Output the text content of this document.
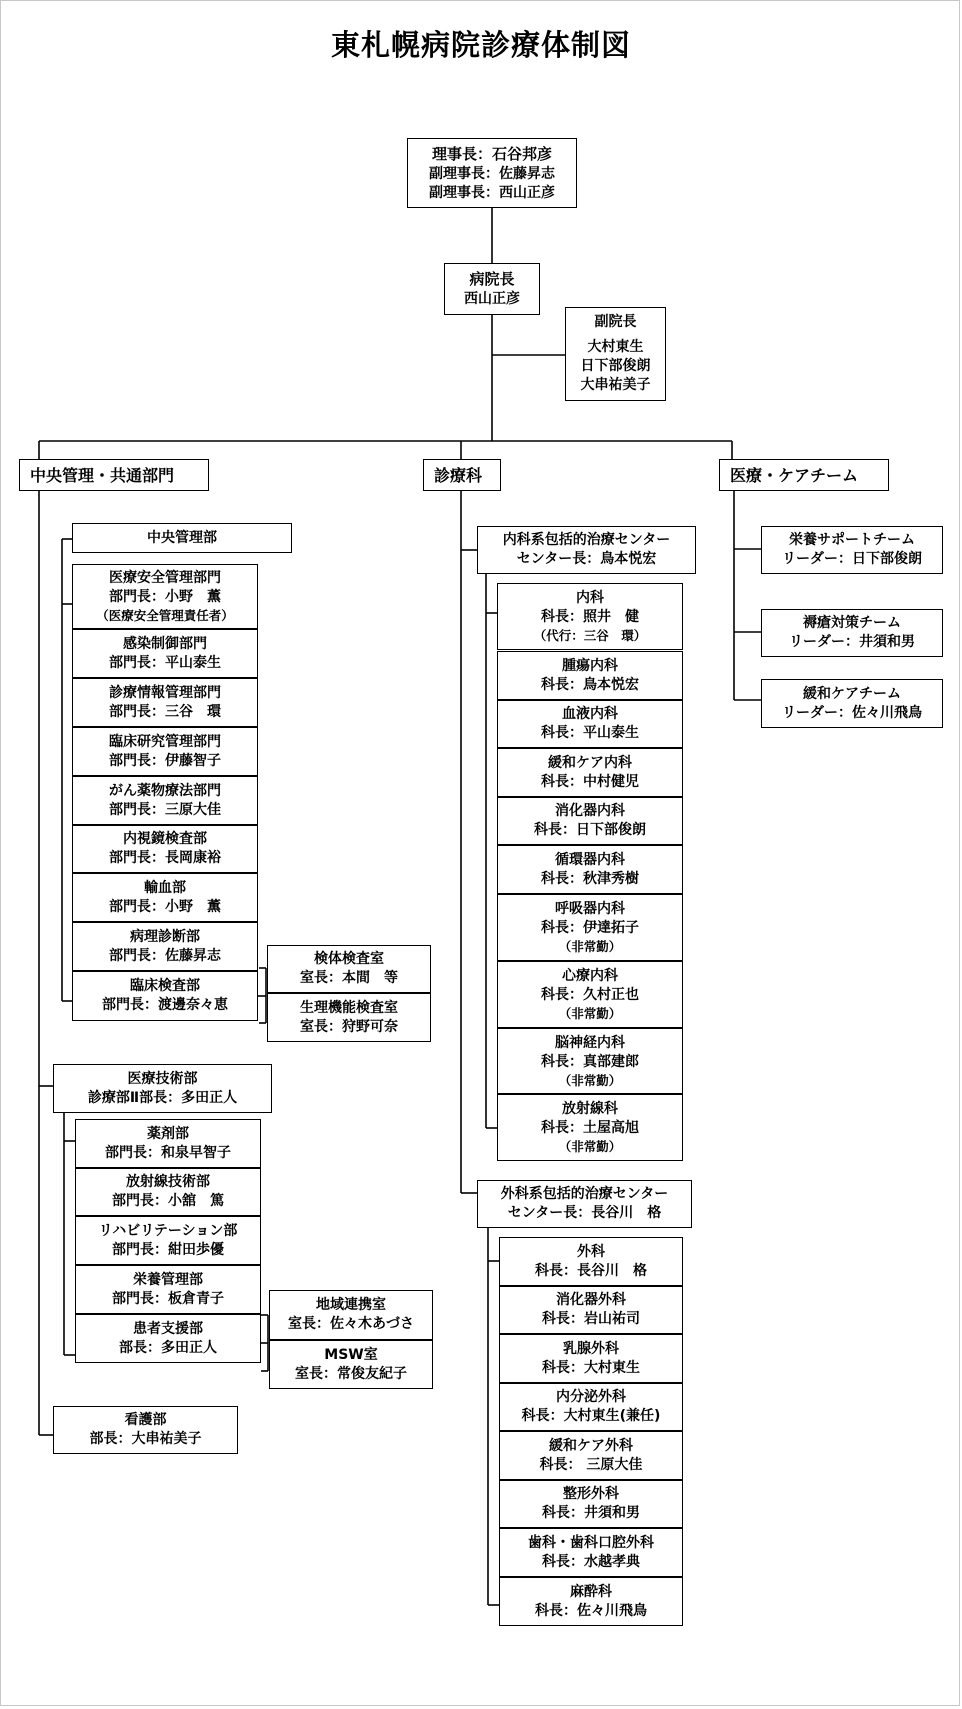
東札幌病院診療体制図
理事長：石谷邦彦
副理事長：佐藤昇志
副理事長：西山正彦
病院長
西山正彦
副院長
大村東生
日下部俊朗
大串祐美子
中央管理・共通部門	診療科	医療・ケアチーム
中央管理部
医療安全管理部門
部門長：小野　薫
（医療安全管理責任者）
感染制御部門
部門長：平山泰生
診療情報管理部門
部門長：三谷　環
臨床研究管理部門
部門長：伊藤智子
がん薬物療法部門
部門長：三原大佳
内視鏡検査部
部門長：長岡康裕
輸血部
部門長：小野　薫
病理診断部
部門長：佐藤昇志
臨床検査部
部門長：渡邊奈々恵
検体検査室
室長：本間　等
生理機能検査室
室長：狩野可奈
医療技術部
診療部Ⅱ部長：多田正人
薬剤部
部門長：和泉早智子
放射線技術部
部門長：小舘　篤
リハビリテーション部
部門長：紺田歩優
栄養管理部
部門長：板倉青子
患者支援部
部長：多田正人
地域連携室
室長：佐々木あづさ
MSW室
室長：常俊友紀子
看護部
部長：大串祐美子
内科系包括的治療センター
センター長：鳥本悦宏
内科
科長：照井　健
（代行：三谷　環）
腫瘍内科
科長：鳥本悦宏
血液内科
科長：平山泰生
緩和ケア内科
科長：中村健児
消化器内科
科長：日下部俊朗
循環器内科
科長：秋津秀樹
呼吸器内科
科長：伊達拓子
（非常勤）
心療内科
科長：久村正也
（非常勤）
脳神経内科
科長：真部建郎
（非常勤）
放射線科
科長：土屋高旭
（非常勤）
外科系包括的治療センター
センター長：長谷川　格
外科
科長：長谷川　格
消化器外科
科長：岩山祐司
乳腺外科
科長：大村東生
内分泌外科
科長：大村東生(兼任)
緩和ケア外科
科長： 三原大佳
整形外科
科長：井須和男
歯科・歯科口腔外科
科長：水越孝典
麻酔科
科長：佐々川飛鳥
栄養サポートチーム
リーダー：日下部俊朗
褥瘡対策チーム
リーダー：井須和男
緩和ケアチーム
リーダー：佐々川飛鳥
